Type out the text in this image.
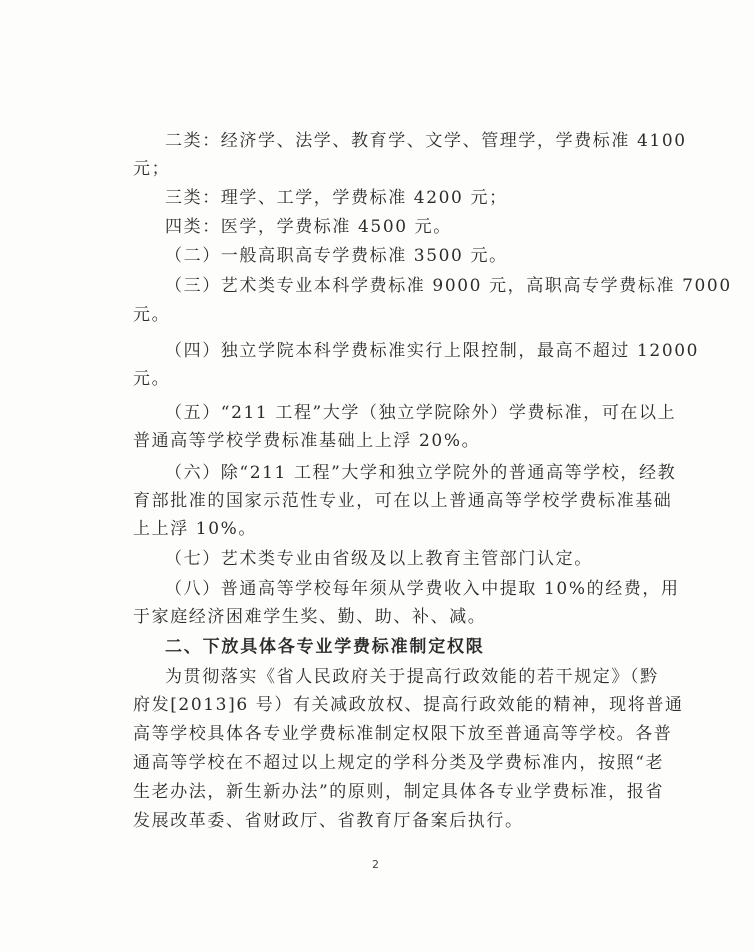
二类：经济学、法学、教育学、文学、管理学，学费标准 4100
元；
三类：理学、工学，学费标准 4200 元；
四类：医学，学费标准 4500 元。
（二）一般高职高专学费标准 3500 元。
（三）艺术类专业本科学费标准 9000 元，高职高专学费标准 7000
元。
（四）独立学院本科学费标准实行上限控制，最高不超过 12000
元。
（五）“211 工程”大学（独立学院除外）学费标准，可在以上
普通高等学校学费标准基础上上浮 20%。
（六）除“211 工程”大学和独立学院外的普通高等学校，经教
育部批准的国家示范性专业，可在以上普通高等学校学费标准基础
上上浮 10%。
（七）艺术类专业由省级及以上教育主管部门认定。
（八）普通高等学校每年须从学费收入中提取 10%的经费，用
于家庭经济困难学生奖、勤、助、补、减。
二、下放具体各专业学费标准制定权限
为贯彻落实《省人民政府关于提高行政效能的若干规定》（黔
府发[2013]6 号）有关减政放权、提高行政效能的精神，现将普通
高等学校具体各专业学费标准制定权限下放至普通高等学校。各普
通高等学校在不超过以上规定的学科分类及学费标准内，按照“老
生老办法，新生新办法”的原则，制定具体各专业学费标准，报省
发展改革委、省财政厅、省教育厅备案后执行。
2
